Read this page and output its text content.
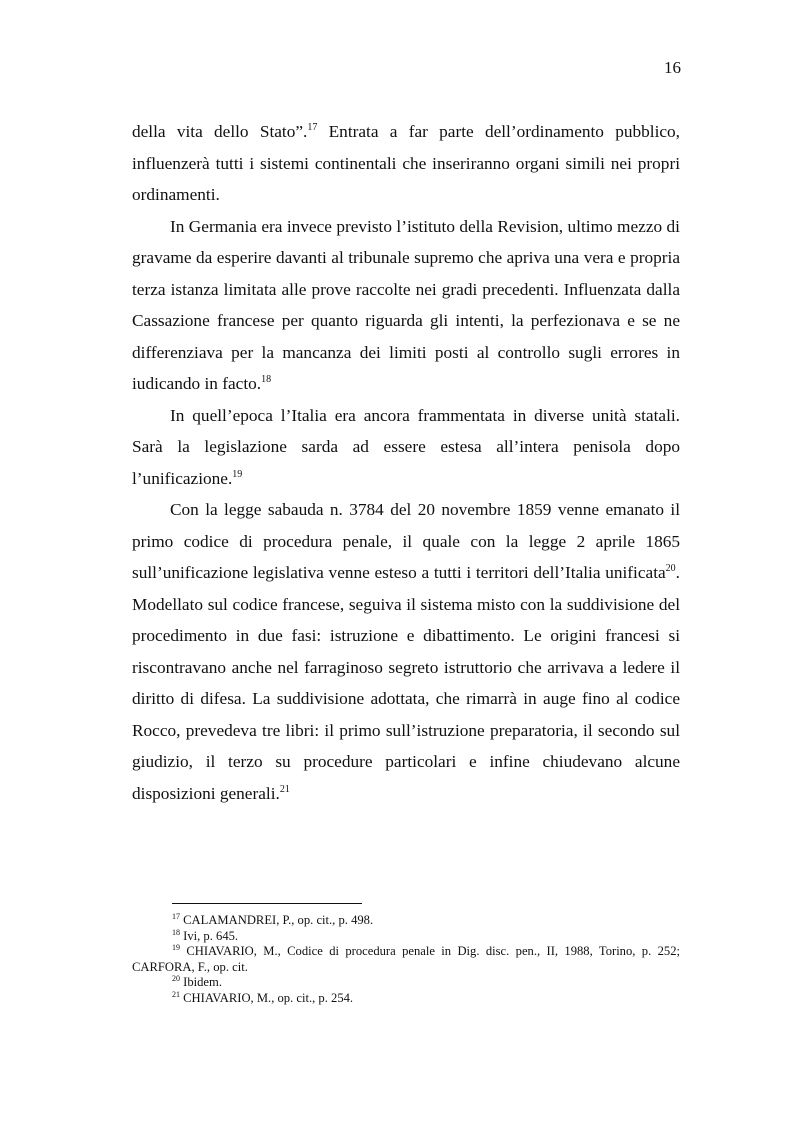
16

della vita dello Stato”.$^{17}$ Entrata a far parte dell’ordinamento pubblico, influenzerà tutti i sistemi continentali che inseriranno organi simili nei propri ordinamenti.

In Germania era invece previsto l’istituto della Revision, ultimo mezzo di gravame da esperire davanti al tribunale supremo che apriva una vera e propria terza istanza limitata alle prove raccolte nei gradi precedenti. Influenzata dalla Cassazione francese per quanto riguarda gli intenti, la perfezionava e se ne differenziava per la mancanza dei limiti posti al controllo sugli errores in iudicando in facto.$^{18}$

In quell’epoca l’Italia era ancora frammentata in diverse unità statali. Sarà la legislazione sarda ad essere estesa all’intera penisola dopo l’unificazione.$^{19}$

Con la legge sabauda n. 3784 del 20 novembre 1859 venne emanato il primo codice di procedura penale, il quale con la legge 2 aprile 1865 sull’unificazione legislativa venne esteso a tutti i territori dell’Italia unificata$^{20}$. Modellato sul codice francese, seguiva il sistema misto con la suddivisione del procedimento in due fasi: istruzione e dibattimento. Le origini francesi si riscontravano anche nel farraginoso segreto istruttorio che arrivava a ledere il diritto di difesa. La suddivisione adottata, che rimarrà in auge fino al codice Rocco, prevedeva tre libri: il primo sull’istruzione preparatoria, il secondo sul giudizio, il terzo su procedure particolari e infine chiudevano alcune disposizioni generali.$^{21}$

$^{17}$ CALAMANDREI, P., op. cit., p. 498.

$^{18}$ Ivi, p. 645.

$^{19}$ CHIAVARIO, M., Codice di procedura penale in Dig. disc. pen., II, 1988, Torino, p. 252; CARFORA, F., op. cit.

$^{20}$ Ibidem.

$^{21}$ CHIAVARIO, M., op. cit., p. 254.
